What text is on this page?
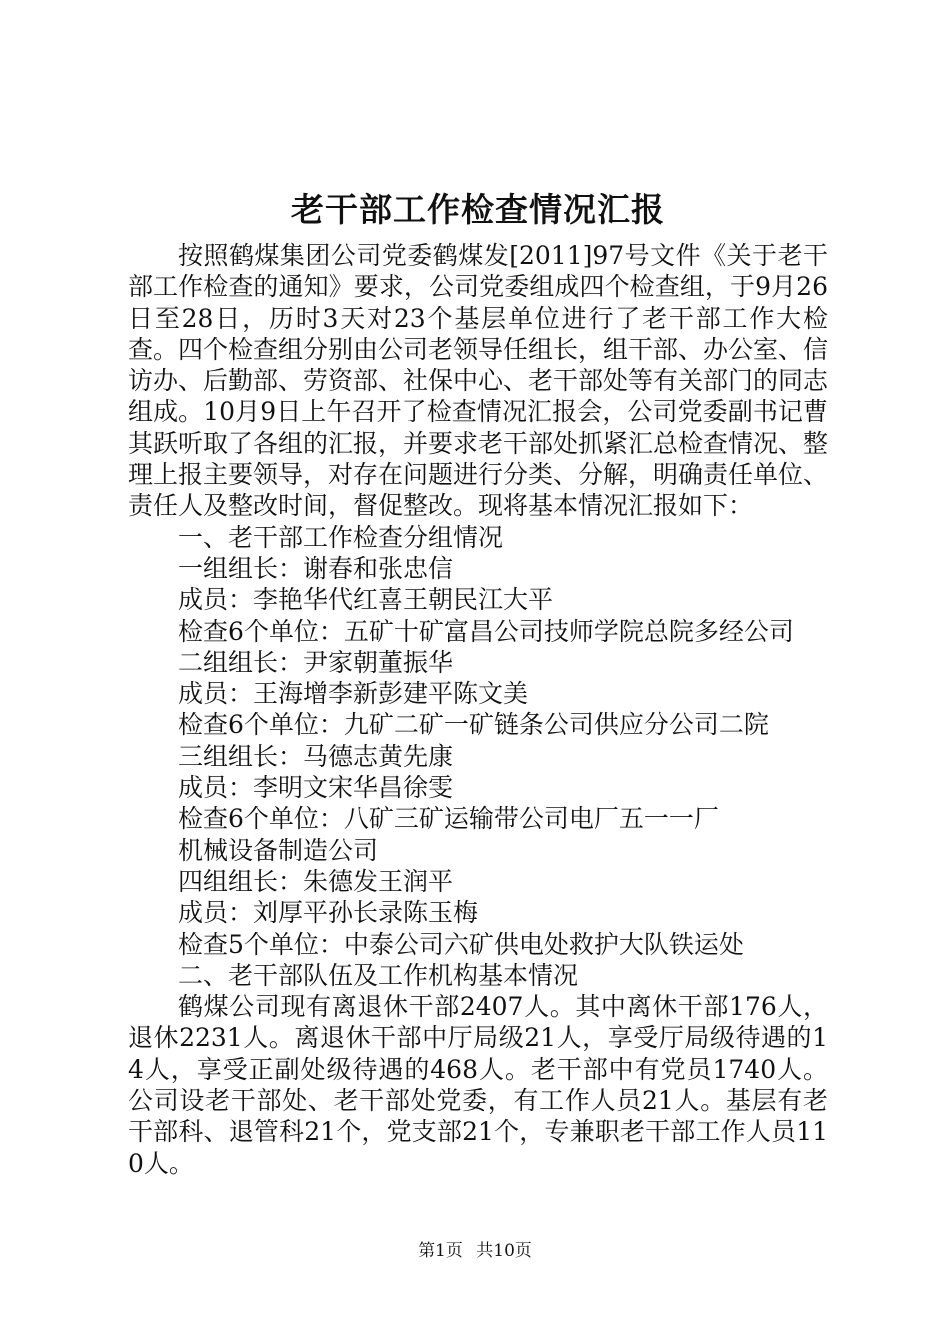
老干部工作检查情况汇报

按照鹤煤集团公司党委鹤煤发[2011]97号文件《关于老干部工作检查的通知》要求，公司党委组成四个检查组，于9月26日至28日，历时3天对23个基层单位进行了老干部工作大检查。四个检查组分别由公司老领导任组长，组干部、办公室、信访办、后勤部、劳资部、社保中心、老干部处等有关部门的同志组成。10月9日上午召开了检查情况汇报会，公司党委副书记曹其跃听取了各组的汇报，并要求老干部处抓紧汇总检查情况、整理上报主要领导，对存在问题进行分类、分解，明确责任单位、责任人及整改时间，督促整改。现将基本情况汇报如下：

一、老干部工作检查分组情况

一组组长：谢春和张忠信

成员：李艳华代红喜王朝民江大平

检查6个单位：五矿十矿富昌公司技师学院总院多经公司

二组组长：尹家朝董振华

成员：王海增李新彭建平陈文美

检查6个单位：九矿二矿一矿链条公司供应分公司二院

三组组长：马德志黄先康

成员：李明文宋华昌徐雯

检查6个单位：八矿三矿运输带公司电厂五一一厂

机械设备制造公司

四组组长：朱德发王润平

成员：刘厚平孙长录陈玉梅

检查5个单位：中泰公司六矿供电处救护大队铁运处

二、老干部队伍及工作机构基本情况

鹤煤公司现有离退休干部2407人。其中离休干部176人，退休2231人。离退休干部中厅局级21人，享受厅局级待遇的14人，享受正副处级待遇的468人。老干部中有党员1740人。公司设老干部处、老干部处党委，有工作人员21人。基层有老干部科、退管科21个，党支部21个，专兼职老干部工作人员110人。

第1页 共10页
